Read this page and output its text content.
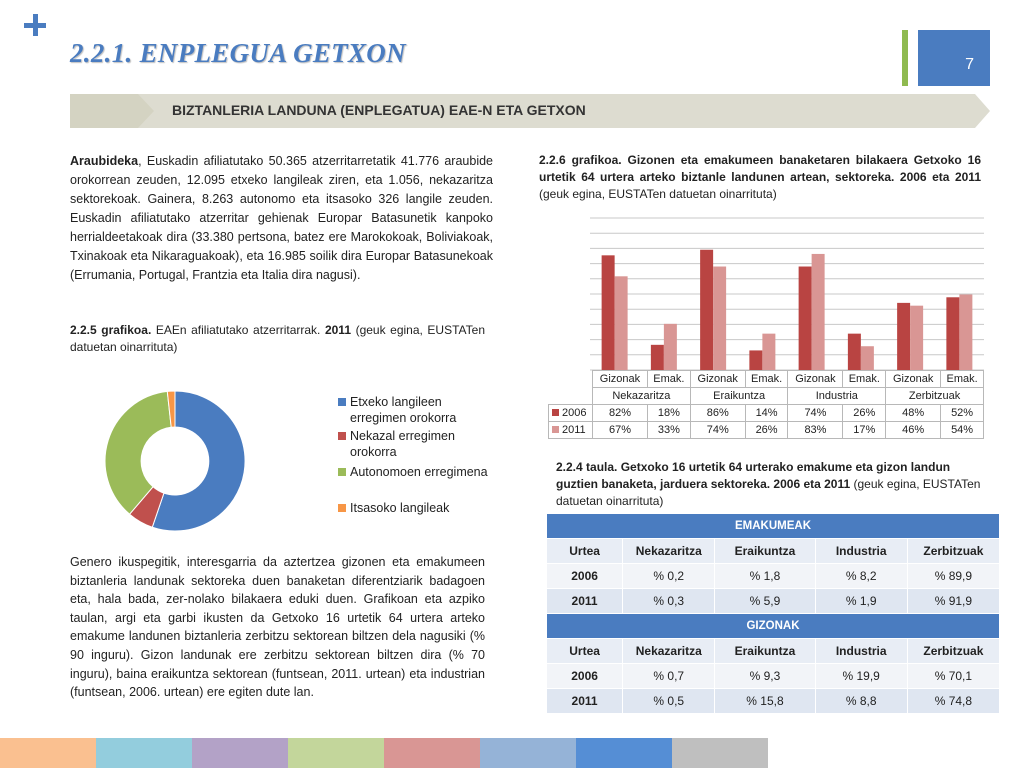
2.2.1. ENPLEGUA GETXON	7
BIZTANLERIA LANDUNA (ENPLEGATUA) EAE-N ETA GETXON
Araubideka, Euskadin afiliatutako 50.365 atzerritarretatik 41.776 araubide orokorrean zeuden, 12.095 etxeko langileak ziren, eta 1.056, nekazaritza sektorekoak. Gainera, 8.263 autonomo eta itsasoko 326 langile zeuden. Euskadin afiliatutako atzerritar gehienak Europar Batasunetik kanpoko herrialdeetakoak dira (33.380 pertsona, batez ere Marokokoak, Boliviakoak, Txinakoak eta Nikaraguakoak), eta 16.985 soilik dira Europar Batasunekoak (Errumania, Portugal, Frantzia eta Italia dira nagusi).
2.2.5 grafikoa. EAEn afiliatutako atzerritarrak. 2011 (geuk egina, EUSTATen datuetan oinarrituta)
Etxeko langileen erregimen orokorra
Nekazal erregimen orokorra
Autonomoen erregimena
Itsasoko langileak
Genero ikuspegitik, interesgarria da aztertzea gizonen eta emakumeen biztanleria landunak sektoreka duen banaketan diferentziarik badagoen eta, hala bada, zer-nolako bilakaera eduki duen. Grafikoan eta azpiko taulan, argi eta garbi ikusten da Getxoko 16 urtetik 64 urtera arteko emakume landunen biztanleria zerbitzu sektorean biltzen dela nagusiki (% 90 inguru). Gizon landunak ere zerbitzu sektorean biltzen dira (% 70 inguru), baina eraikuntza sektorean (funtsean, 2011. urtean) eta industrian (funtsean, 2006. urtean) ere egiten dute lan.
2.2.6 grafikoa. Gizonen eta emakumeen banaketaren bilakaera Getxoko 16 urtetik 64 urtera arteko biztanle landunen artean, sektoreka. 2006 eta 2011 (geuk egina, EUSTATen datuetan oinarrituta)
	Gizonak	Emak.	Gizonak	Emak.	Gizonak	Emak.	Gizonak	Emak.
	Nekazaritza		Eraikuntza		Industria		Zerbitzuak	
2006	82%	18%	86%	14%	74%	26%	48%	52%
2011	67%	33%	74%	26%	83%	17%	46%	54%
2.2.4 taula. Getxoko 16 urtetik 64 urterako emakume eta gizon landun guztien banaketa, jarduera sektoreka. 2006 eta 2011 (geuk egina, EUSTATen datuetan oinarrituta)
EMAKUMEAK				
Urtea	Nekazaritza	Eraikuntza	Industria	Zerbitzuak
2006	% 0,2	% 1,8	% 8,2	% 89,9
2011	% 0,3	% 5,9	% 1,9	% 91,9
GIZONAK				
Urtea	Nekazaritza	Eraikuntza	Industria	Zerbitzuak
2006	% 0,7	% 9,3	% 19,9	% 70,1
2011	% 0,5	% 15,8	% 8,8	% 74,8
